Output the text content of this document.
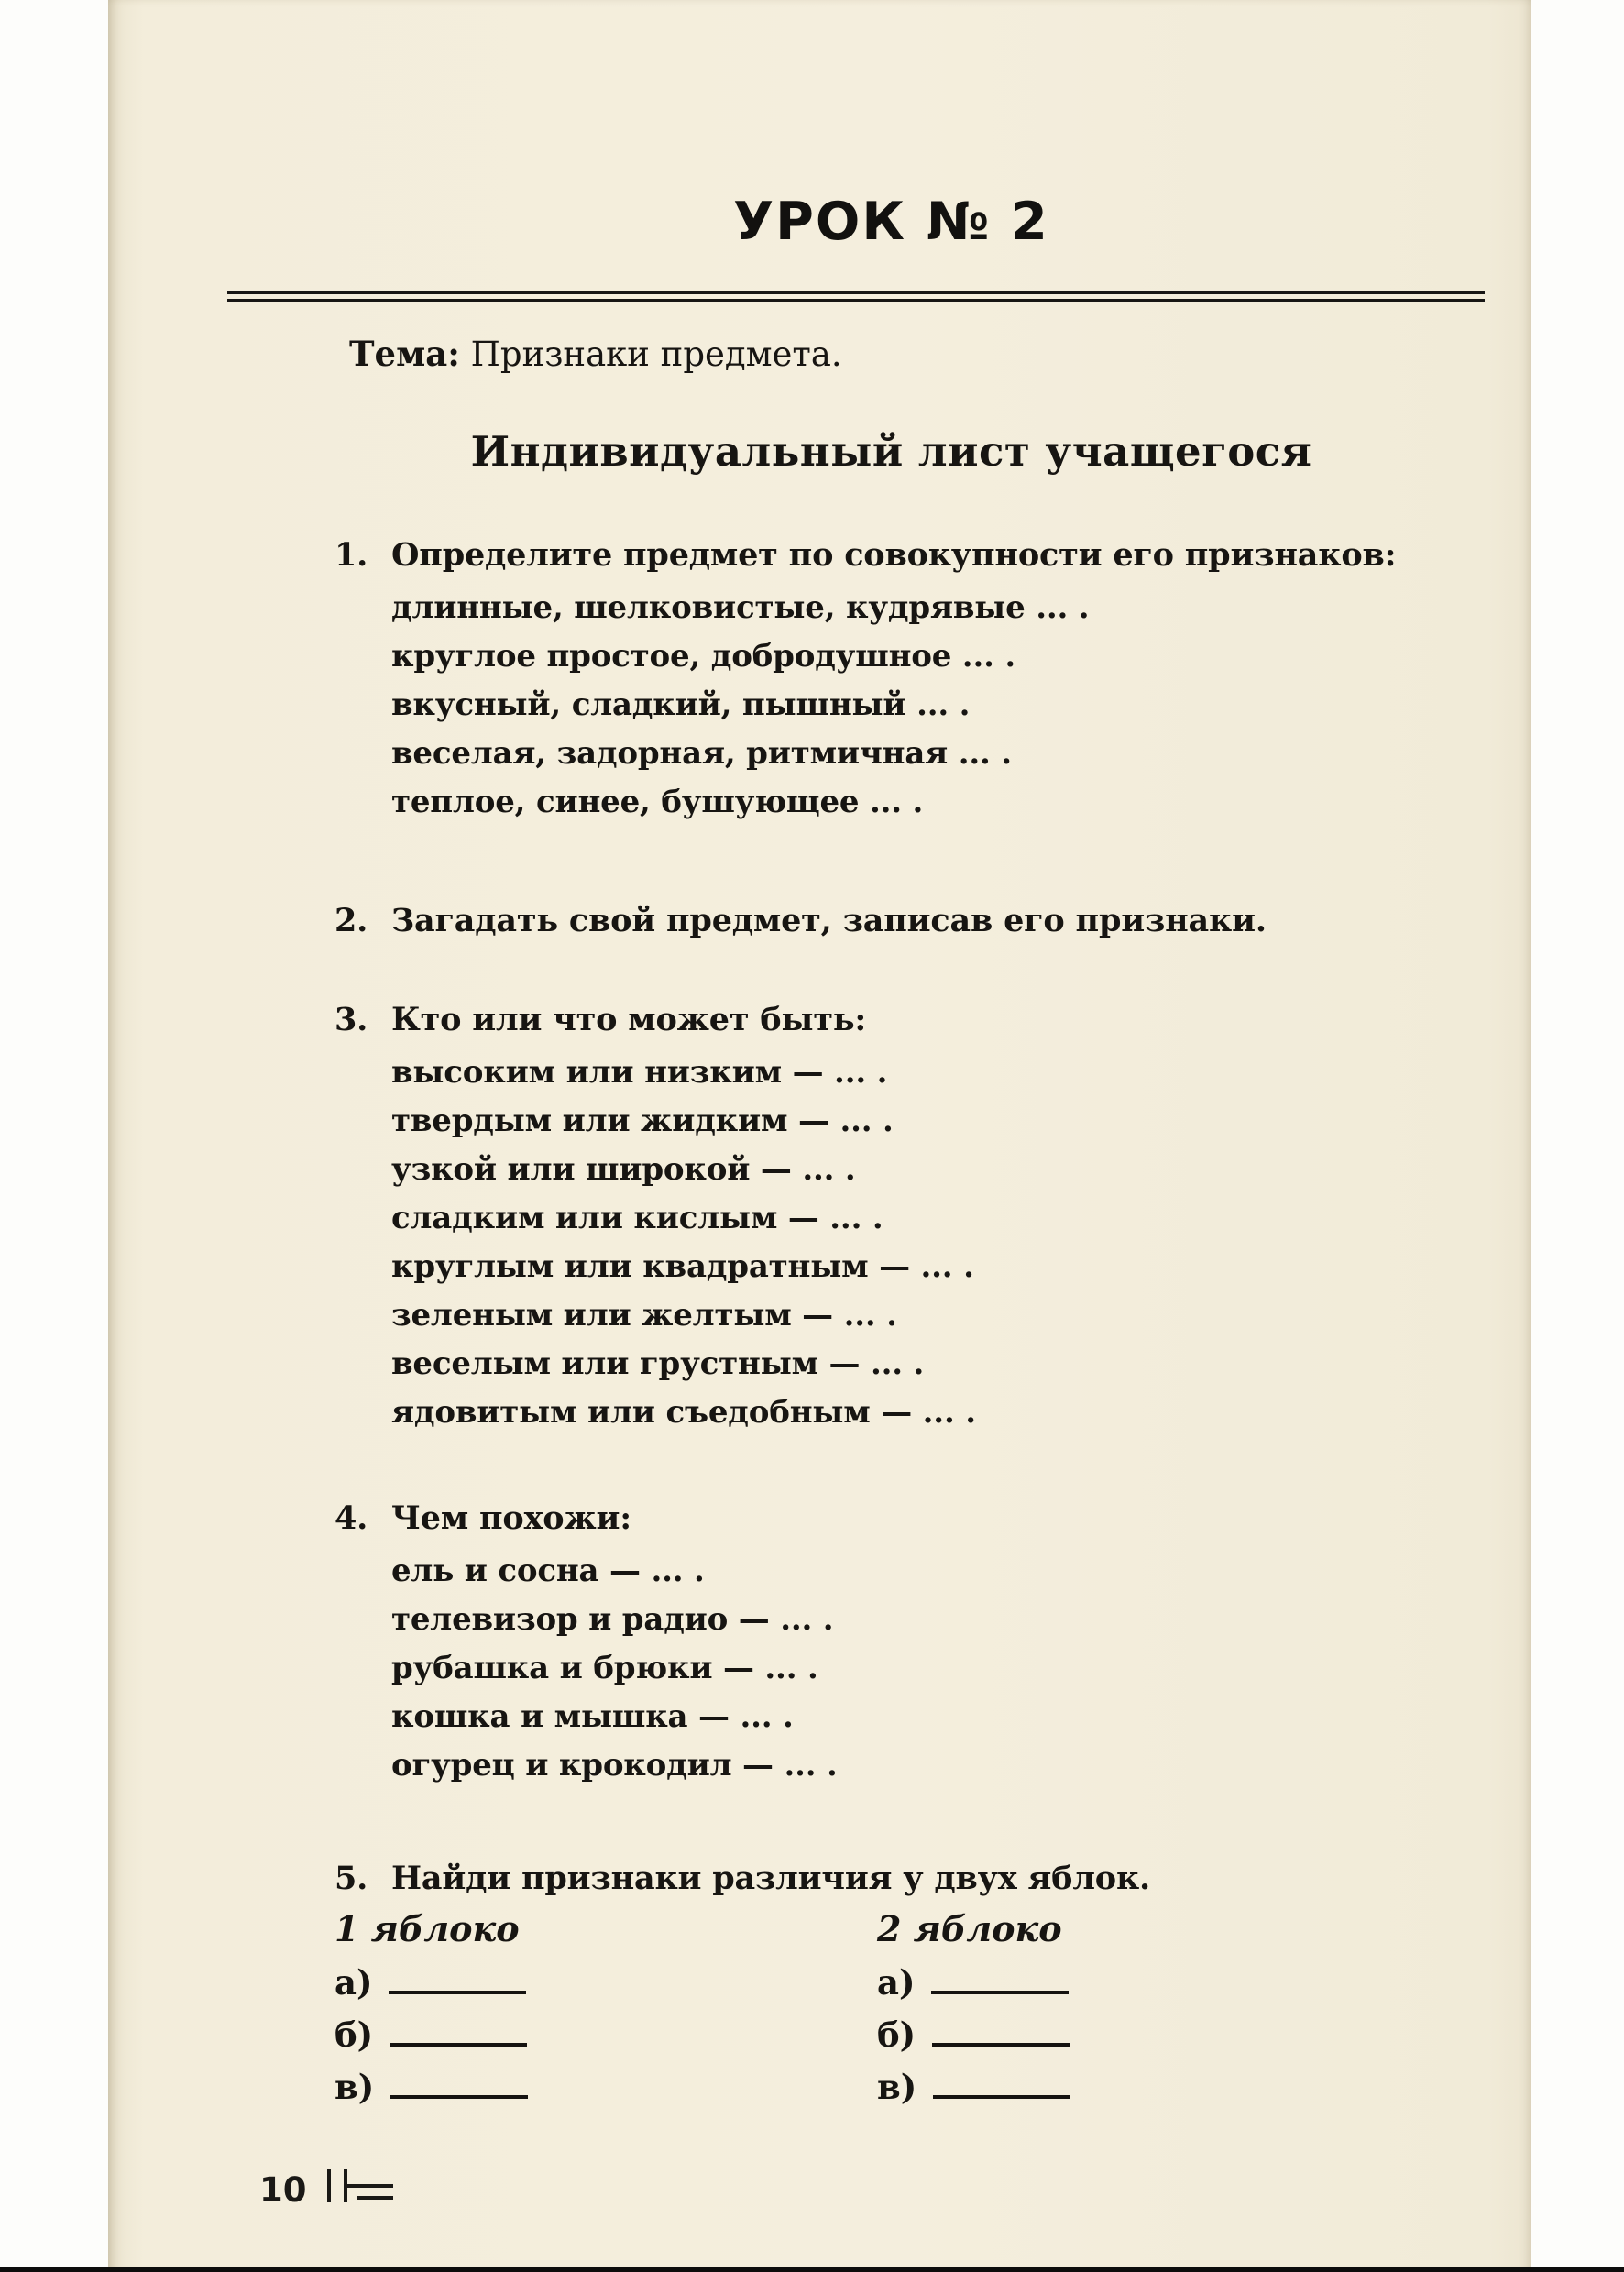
УРОК № 2

Тема: Признаки предмета.

Индивидуальный лист учащегося
1. Определите предмет по совокупности его признаков:
длинные, шелковистые, кудрявые ... .
круглое простое, добродушное ... .
вкусный, сладкий, пышный ... .
веселая, задорная, ритмичная ... .
теплое, синее, бушующее ... .
2. Загадать свой предмет, записав его признаки.
3. Кто или что может быть:
высоким или низким — ... .
твердым или жидким — ... .
узкой или широкой — ... .
сладким или кислым — ... .
круглым или квадратным — ... .
зеленым или желтым — ... .
веселым или грустным — ... .
ядовитым или съедобным — ... .
4. Чем похожи:
ель и сосна — ... .
телевизор и радио — ... .
рубашка и брюки — ... .
кошка и мышка — ... .
огурец и крокодил — ... .
5. Найди признаки различия у двух яблок.
1 яблоко
а)
б)
в)
2 яблоко
а)
б)
в)
10
